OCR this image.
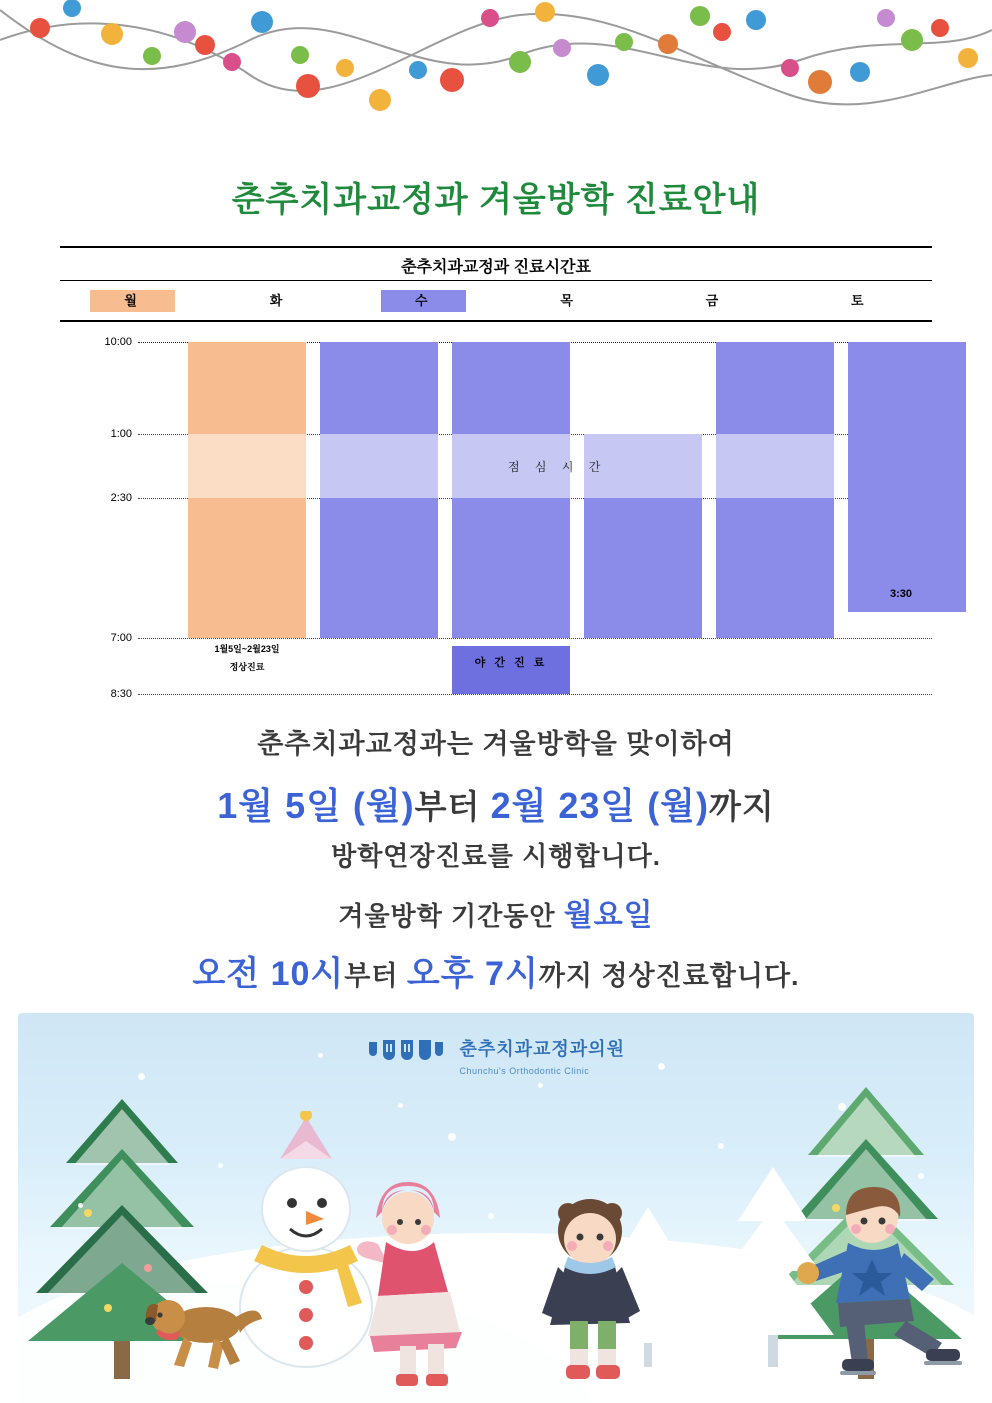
춘추치과교정과 겨울방학 진료안내
춘추치과교정과 진료시간표
월	화	수	목	금	토
10:00
1:00
2:30
7:00
8:30
점 심 시 간
야 간 진 료
3:30
1월5일~2월23일
정상진료
춘추치과교정과는 겨울방학을 맞이하여
1월 5일 (월)부터 2월 23일 (월)까지
방학연장진료를 시행합니다.
겨울방학 기간동안 월요일
오전 10시부터 오후 7시까지 정상진료합니다.
춘추치과교정과의원
Chunchu's Orthodontic Clinic
